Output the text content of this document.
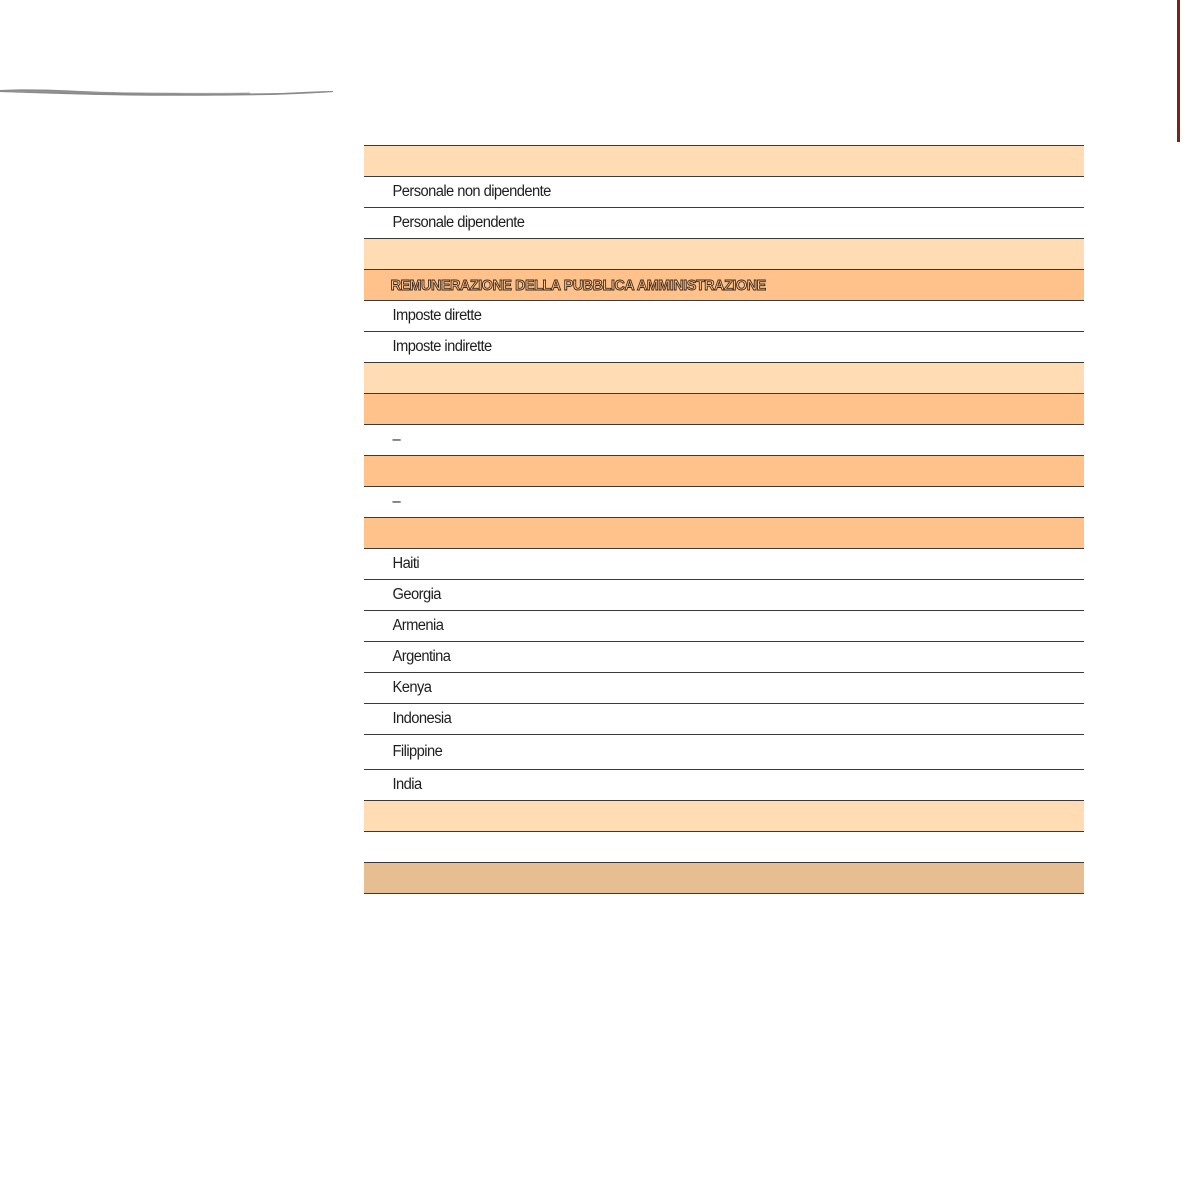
Personale non dipendente
Personale dipendente
REMUNERAZIONE DELLA PUBBLICA AMMINISTRAZIONE
Imposte dirette
Imposte indirette
–
–
Haiti
Georgia
Armenia
Argentina
Kenya
Indonesia
Filippine
India
